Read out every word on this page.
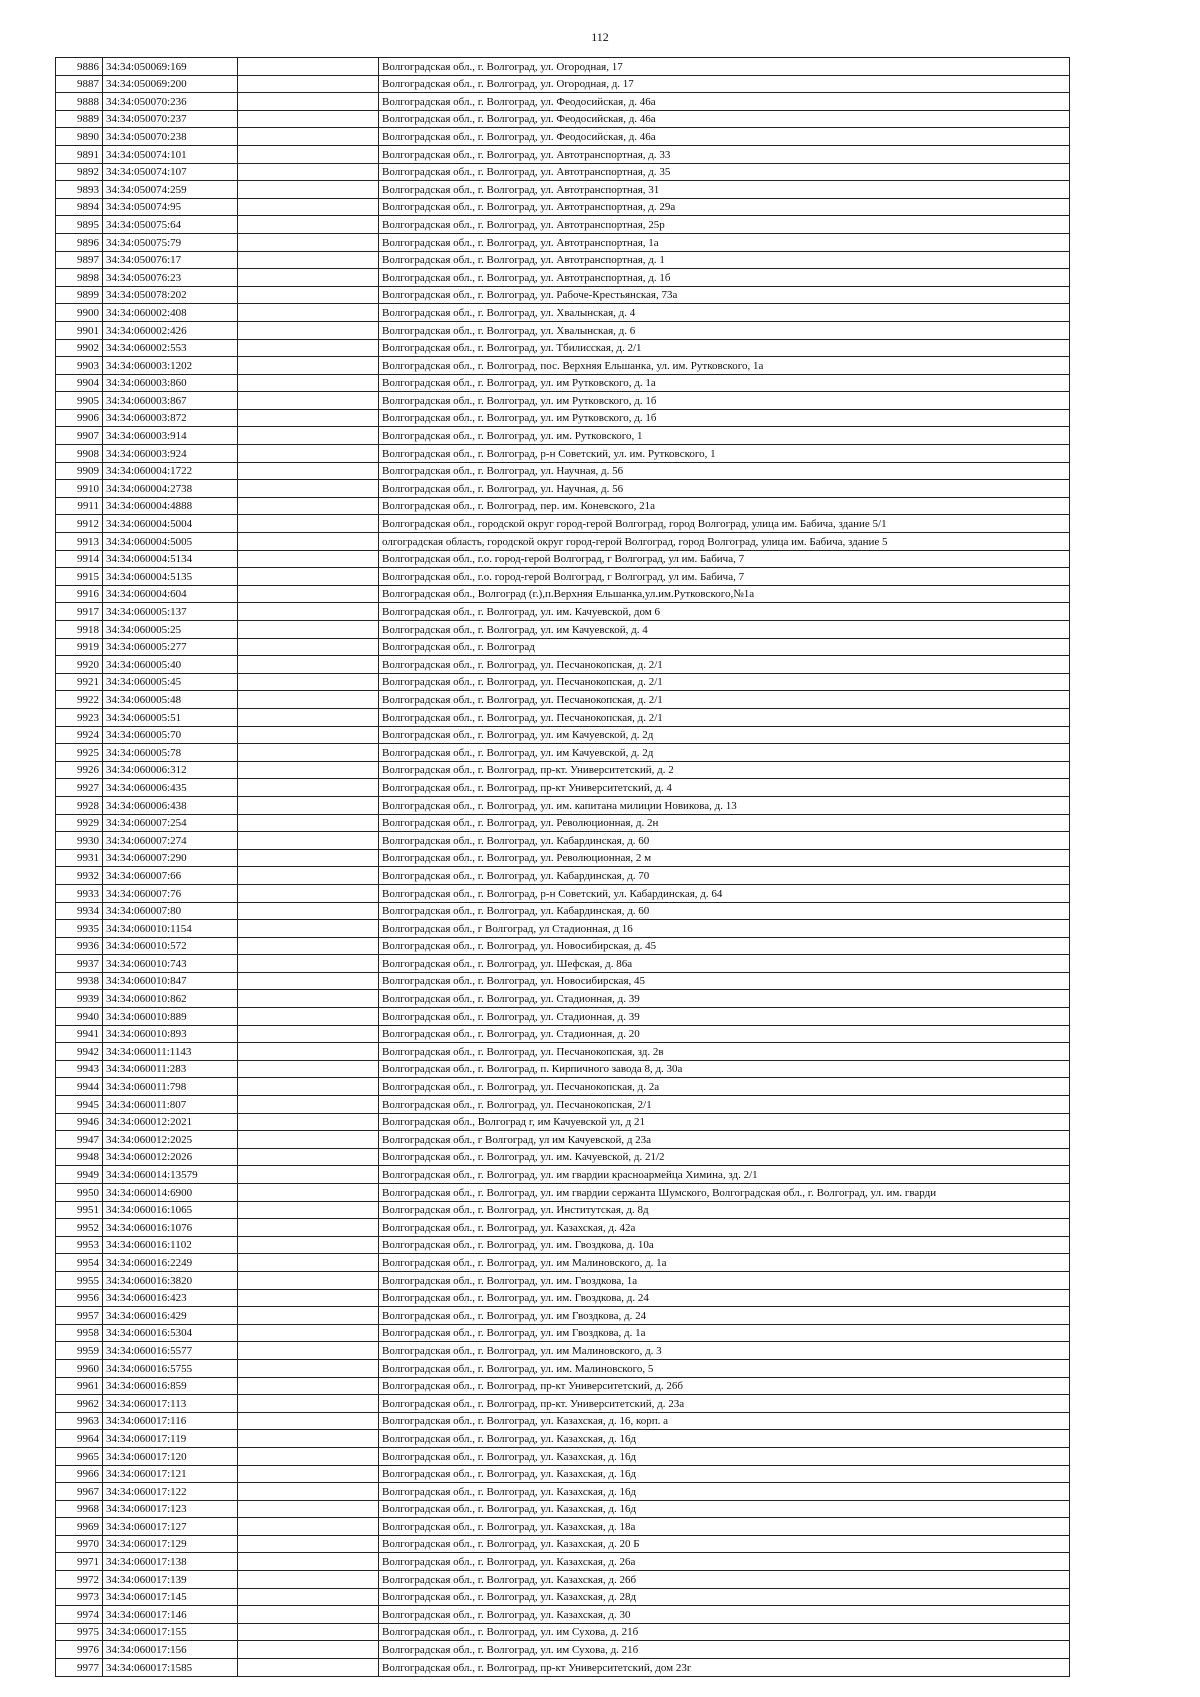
112
9886	34:34:050069:169		Волгоградская обл., г. Волгоград, ул. Огородная, 17
9887	34:34:050069:200		Волгоградская обл., г. Волгоград, ул. Огородная, д. 17
9888	34:34:050070:236		Волгоградская обл., г. Волгоград, ул. Феодосийская, д. 46а
9889	34:34:050070:237		Волгоградская обл., г. Волгоград, ул. Феодосийская, д. 46а
9890	34:34:050070:238		Волгоградская обл., г. Волгоград, ул. Феодосийская, д. 46а
9891	34:34:050074:101		Волгоградская обл., г. Волгоград, ул. Автотранспортная, д. 33
9892	34:34:050074:107		Волгоградская обл., г. Волгоград, ул. Автотранспортная, д. 35
9893	34:34:050074:259		Волгоградская обл., г. Волгоград, ул. Автотранспортная, 31
9894	34:34:050074:95		Волгоградская обл., г. Волгоград, ул. Автотранспортная, д. 29а
9895	34:34:050075:64		Волгоградская обл., г. Волгоград, ул. Автотранспортная, 25р
9896	34:34:050075:79		Волгоградская обл., г. Волгоград, ул. Автотранспортная, 1а
9897	34:34:050076:17		Волгоградская обл., г. Волгоград, ул. Автотранспортная, д. 1
9898	34:34:050076:23		Волгоградская обл., г. Волгоград, ул. Автотранспортная, д. 1б
9899	34:34:050078:202		Волгоградская обл., г. Волгоград, ул. Рабоче-Крестьянская, 73а
9900	34:34:060002:408		Волгоградская обл., г. Волгоград, ул. Хвалынская, д. 4
9901	34:34:060002:426		Волгоградская обл., г. Волгоград, ул. Хвалынская, д. 6
9902	34:34:060002:553		Волгоградская обл., г. Волгоград, ул. Тбилисская, д. 2/1
9903	34:34:060003:1202		Волгоградская обл., г. Волгоград, пос. Верхняя Ельшанка, ул. им. Рутковского, 1а
9904	34:34:060003:860		Волгоградская обл., г. Волгоград, ул. им Рутковского, д. 1а
9905	34:34:060003:867		Волгоградская обл., г. Волгоград, ул. им Рутковского, д. 1б
9906	34:34:060003:872		Волгоградская обл., г. Волгоград, ул. им Рутковского, д. 1б
9907	34:34:060003:914		Волгоградская обл., г. Волгоград, ул. им. Рутковского, 1
9908	34:34:060003:924		Волгоградская обл., г. Волгоград, р-н Советский, ул. им. Рутковского, 1
9909	34:34:060004:1722		Волгоградская обл., г. Волгоград, ул. Научная, д. 56
9910	34:34:060004:2738		Волгоградская обл., г. Волгоград, ул. Научная, д. 56
9911	34:34:060004:4888		Волгоградская обл., г. Волгоград, пер. им. Коневского, 21а
9912	34:34:060004:5004		Волгоградская обл., городской округ город-герой Волгоград, город Волгоград, улица им. Бабича, здание 5/1
9913	34:34:060004:5005		олгоградская область, городской округ город-герой Волгоград, город Волгоград, улица им. Бабича, здание 5
9914	34:34:060004:5134		Волгоградская обл., г.о. город-герой Волгоград, г Волгоград, ул им. Бабича, 7
9915	34:34:060004:5135		Волгоградская обл., г.о. город-герой Волгоград, г Волгоград, ул им. Бабича, 7
9916	34:34:060004:604		Волгоградская обл., Волгоград (г.),п.Верхняя Ельшанка,ул.им.Рутковского,№1а
9917	34:34:060005:137		Волгоградская обл., г. Волгоград, ул. им. Качуевской, дом 6
9918	34:34:060005:25		Волгоградская обл., г. Волгоград, ул. им Качуевской, д. 4
9919	34:34:060005:277		Волгоградская обл., г. Волгоград
9920	34:34:060005:40		Волгоградская обл., г. Волгоград, ул. Песчанокопская, д. 2/1
9921	34:34:060005:45		Волгоградская обл., г. Волгоград, ул. Песчанокопская, д. 2/1
9922	34:34:060005:48		Волгоградская обл., г. Волгоград, ул. Песчанокопская, д. 2/1
9923	34:34:060005:51		Волгоградская обл., г. Волгоград, ул. Песчанокопская, д. 2/1
9924	34:34:060005:70		Волгоградская обл., г. Волгоград, ул. им Качуевской, д. 2д
9925	34:34:060005:78		Волгоградская обл., г. Волгоград, ул. им Качуевской, д. 2д
9926	34:34:060006:312		Волгоградская обл., г. Волгоград, пр-кт. Университетский, д. 2
9927	34:34:060006:435		Волгоградская обл., г. Волгоград, пр-кт Университетский, д. 4
9928	34:34:060006:438		Волгоградская обл., г. Волгоград, ул. им. капитана милиции Новикова, д. 13
9929	34:34:060007:254		Волгоградская обл., г. Волгоград, ул. Революционная, д. 2н
9930	34:34:060007:274		Волгоградская обл., г. Волгоград, ул. Кабардинская, д. 60
9931	34:34:060007:290		Волгоградская обл., г. Волгоград, ул. Революционная, 2 м
9932	34:34:060007:66		Волгоградская обл., г. Волгоград, ул. Кабардинская, д. 70
9933	34:34:060007:76		Волгоградская обл., г. Волгоград, р-н Советский, ул. Кабардинская, д. 64
9934	34:34:060007:80		Волгоградская обл., г. Волгоград, ул. Кабардинская, д. 60
9935	34:34:060010:1154		Волгоградская обл., г Волгоград, ул Стадионная, д 16
9936	34:34:060010:572		Волгоградская обл., г. Волгоград, ул. Новосибирская, д. 45
9937	34:34:060010:743		Волгоградская обл., г. Волгоград, ул. Шефская, д. 86а
9938	34:34:060010:847		Волгоградская обл., г. Волгоград, ул. Новосибирская, 45
9939	34:34:060010:862		Волгоградская обл., г. Волгоград, ул. Стадионная, д. 39
9940	34:34:060010:889		Волгоградская обл., г. Волгоград, ул. Стадионная, д. 39
9941	34:34:060010:893		Волгоградская обл., г. Волгоград, ул. Стадионная, д. 20
9942	34:34:060011:1143		Волгоградская обл., г. Волгоград, ул. Песчанокопская, зд. 2в
9943	34:34:060011:283		Волгоградская обл., г. Волгоград, п. Кирпичного завода 8, д. 30а
9944	34:34:060011:798		Волгоградская обл., г. Волгоград, ул. Песчанокопская, д. 2а
9945	34:34:060011:807		Волгоградская обл., г. Волгоград, ул. Песчанокопская, 2/1
9946	34:34:060012:2021		Волгоградская обл., Волгоград г, им Качуевской ул, д 21
9947	34:34:060012:2025		Волгоградская обл., г Волгоград, ул им Качуевской, д 23а
9948	34:34:060012:2026		Волгоградская обл., г. Волгоград, ул. им. Качуевской, д. 21/2
9949	34:34:060014:13579		Волгоградская обл., г. Волгоград, ул. им гвардии красноармейца Химина, зд. 2/1
9950	34:34:060014:6900		Волгоградская обл., г. Волгоград, ул. им гвардии сержанта Шумского, Волгоградская обл., г. Волгоград, ул. им. гварди
9951	34:34:060016:1065		Волгоградская обл., г. Волгоград, ул. Институтская, д. 8д
9952	34:34:060016:1076		Волгоградская обл., г. Волгоград, ул. Казахская, д. 42а
9953	34:34:060016:1102		Волгоградская обл., г. Волгоград, ул. им. Гвоздкова, д. 10а
9954	34:34:060016:2249		Волгоградская обл., г. Волгоград, ул. им Малиновского, д. 1а
9955	34:34:060016:3820		Волгоградская обл., г. Волгоград, ул. им. Гвоздкова, 1а
9956	34:34:060016:423		Волгоградская обл., г. Волгоград, ул. им. Гвоздкова, д. 24
9957	34:34:060016:429		Волгоградская обл., г. Волгоград, ул. им Гвоздкова, д. 24
9958	34:34:060016:5304		Волгоградская обл., г. Волгоград, ул. им Гвоздкова, д. 1а
9959	34:34:060016:5577		Волгоградская обл., г. Волгоград, ул. им Малиновского, д. 3
9960	34:34:060016:5755		Волгоградская обл., г. Волгоград, ул. им. Малиновского, 5
9961	34:34:060016:859		Волгоградская обл., г. Волгоград, пр-кт Университетский, д. 26б
9962	34:34:060017:113		Волгоградская обл., г. Волгоград, пр-кт. Университетский, д. 23а
9963	34:34:060017:116		Волгоградская обл., г. Волгоград, ул. Казахская, д. 16, корп. а
9964	34:34:060017:119		Волгоградская обл., г. Волгоград, ул. Казахская, д. 16д
9965	34:34:060017:120		Волгоградская обл., г. Волгоград, ул. Казахская, д. 16д
9966	34:34:060017:121		Волгоградская обл., г. Волгоград, ул. Казахская, д. 16д
9967	34:34:060017:122		Волгоградская обл., г. Волгоград, ул. Казахская, д. 16д
9968	34:34:060017:123		Волгоградская обл., г. Волгоград, ул. Казахская, д. 16д
9969	34:34:060017:127		Волгоградская обл., г. Волгоград, ул. Казахская, д. 18а
9970	34:34:060017:129		Волгоградская обл., г. Волгоград, ул. Казахская, д. 20 Б
9971	34:34:060017:138		Волгоградская обл., г. Волгоград, ул. Казахская, д. 26а
9972	34:34:060017:139		Волгоградская обл., г. Волгоград, ул. Казахская, д. 26б
9973	34:34:060017:145		Волгоградская обл., г. Волгоград, ул. Казахская, д. 28д
9974	34:34:060017:146		Волгоградская обл., г. Волгоград, ул. Казахская, д. 30
9975	34:34:060017:155		Волгоградская обл., г. Волгоград, ул. им Сухова, д. 21б
9976	34:34:060017:156		Волгоградская обл., г. Волгоград, ул. им Сухова, д. 21б
9977	34:34:060017:1585		Волгоградская обл., г. Волгоград, пр-кт Университетский, дом 23г
